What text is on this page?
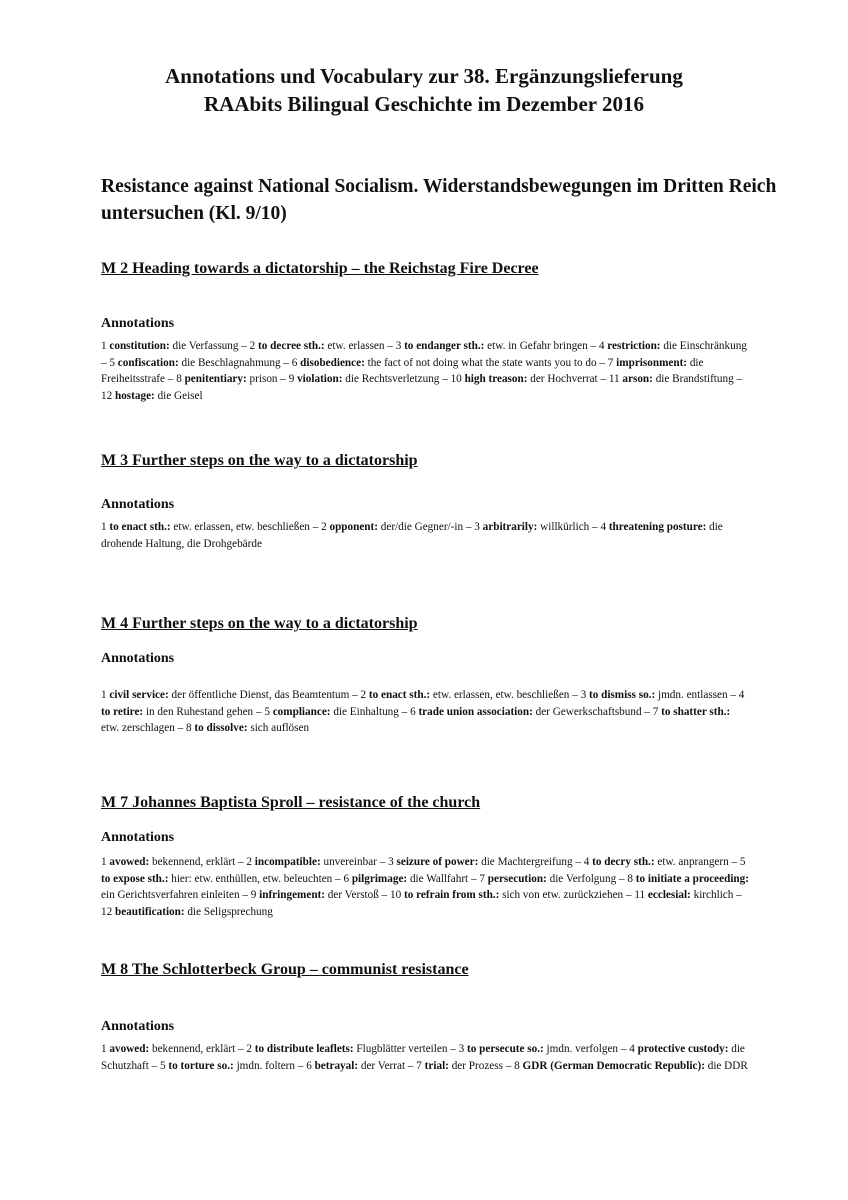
Annotations und Vocabulary zur 38. Ergänzungslieferung
RAAbits Bilingual Geschichte im Dezember 2016
Resistance against National Socialism. Widerstandsbewegungen im Dritten Reich untersuchen (Kl. 9/10)
M 2 Heading towards a dictatorship – the Reichstag Fire Decree
Annotations
1 constitution: die Verfassung – 2 to decree sth.: etw. erlassen – 3 to endanger sth.: etw. in Gefahr bringen – 4 restriction: die Einschränkung – 5 confiscation: die Beschlagnahmung – 6 disobedience: the fact of not doing what the state wants you to do – 7 imprisonment: die Freiheitsstrafe – 8 penitentiary: prison – 9 violation: die Rechtsverletzung – 10 high treason: der Hochverrat – 11 arson: die Brandstiftung – 12 hostage: die Geisel
M 3 Further steps on the way to a dictatorship
Annotations
1 to enact sth.: etw. erlassen, etw. beschließen – 2 opponent: der/die Gegner/-in – 3 arbitrarily: willkürlich – 4 threatening posture: die drohende Haltung, die Drohgebärde
M 4 Further steps on the way to a dictatorship
Annotations
1 civil service: der öffentliche Dienst, das Beamtentum – 2 to enact sth.: etw. erlassen, etw. beschließen – 3 to dismiss so.: jmdn. entlassen – 4 to retire: in den Ruhestand gehen – 5 compliance: die Einhaltung – 6 trade union association: der Gewerkschaftsbund – 7 to shatter sth.: etw. zerschlagen – 8 to dissolve: sich auflösen
M 7 Johannes Baptista Sproll – resistance of the church
Annotations
1 avowed: bekennend, erklärt – 2 incompatible: unvereinbar – 3 seizure of power: die Machtergreifung – 4 to decry sth.: etw. anprangern – 5 to expose sth.: hier: etw. enthüllen, etw. beleuchten – 6 pilgrimage: die Wallfahrt – 7 persecution: die Verfolgung – 8 to initiate a proceeding: ein Gerichtsverfahren einleiten – 9 infringement: der Verstoß – 10 to refrain from sth.: sich von etw. zurückziehen – 11 ecclesial: kirchlich – 12 beautification: die Seligsprechung
M 8 The Schlotterbeck Group – communist resistance
Annotations
1 avowed: bekennend, erklärt – 2 to distribute leaflets: Flugblätter verteilen – 3 to persecute so.: jmdn. verfolgen – 4 protective custody: die Schutzhaft – 5 to torture so.: jmdn. foltern – 6 betrayal: der Verrat – 7 trial: der Prozess – 8 GDR (German Democratic Republic): die DDR
